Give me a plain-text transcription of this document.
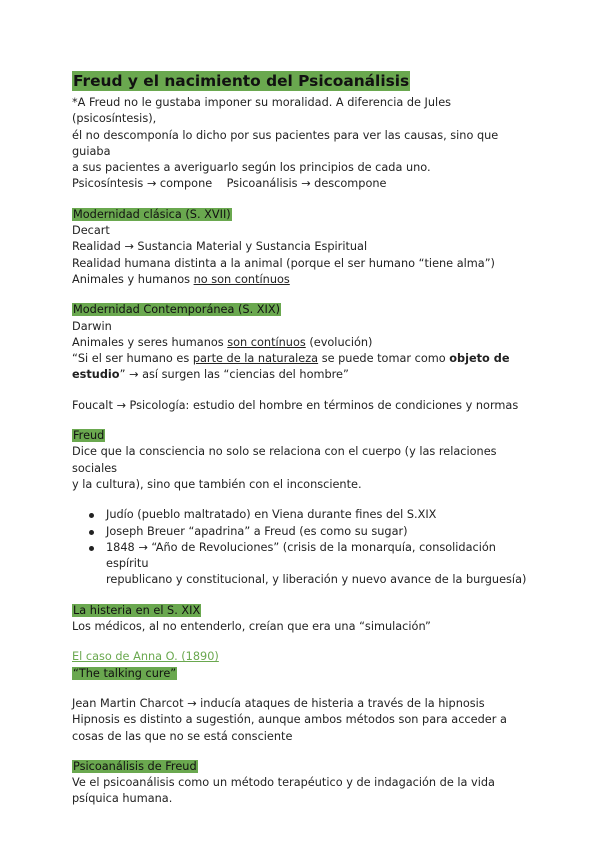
Freud y el nacimiento del Psicoanálisis

*A Freud no le gustaba imponer su moralidad. A diferencia de Jules (psicosíntesis),

él no descomponía lo dicho por sus pacientes para ver las causas, sino que guiaba

a sus pacientes a averiguarlo según los principios de cada uno.

Psicosíntesis → compone    Psicoanálisis → descompone

Modernidad clásica (S. XVII)

Decart

Realidad → Sustancia Material y Sustancia Espiritual

Realidad humana distinta a la animal (porque el ser humano “tiene alma”)

Animales y humanos no son contínuos

Modernidad Contemporánea (S. XIX)

Darwin

Animales y seres humanos son contínuos (evolución)

“Si el ser humano es parte de la naturaleza se puede tomar como objeto de

estudio” → así surgen las “ciencias del hombre”

Foucalt → Psicología: estudio del hombre en términos de condiciones y normas

Freud

Dice que la consciencia no solo se relaciona con el cuerpo (y las relaciones sociales

y la cultura), sino que también con el inconsciente.

Judío (pueblo maltratado) en Viena durante fines del S.XIX
Joseph Breuer “apadrina” a Freud (es como su sugar)
1848 → “Año de Revoluciones” (crisis de la monarquía, consolidación espíritu
republicano y constitucional, y liberación y nuevo avance de la burguesía)

La histeria en el S. XIX

Los médicos, al no entenderlo, creían que era una “simulación”

El caso de Anna O. (1890)

“The talking cure”

Jean Martin Charcot → inducía ataques de histeria a través de la hipnosis

Hipnosis es distinto a sugestión, aunque ambos métodos son para acceder a

cosas de las que no se está consciente

Psicoanálisis de Freud

Ve el psicoanálisis como un método terapéutico y de indagación de la vida

psíquica humana.
